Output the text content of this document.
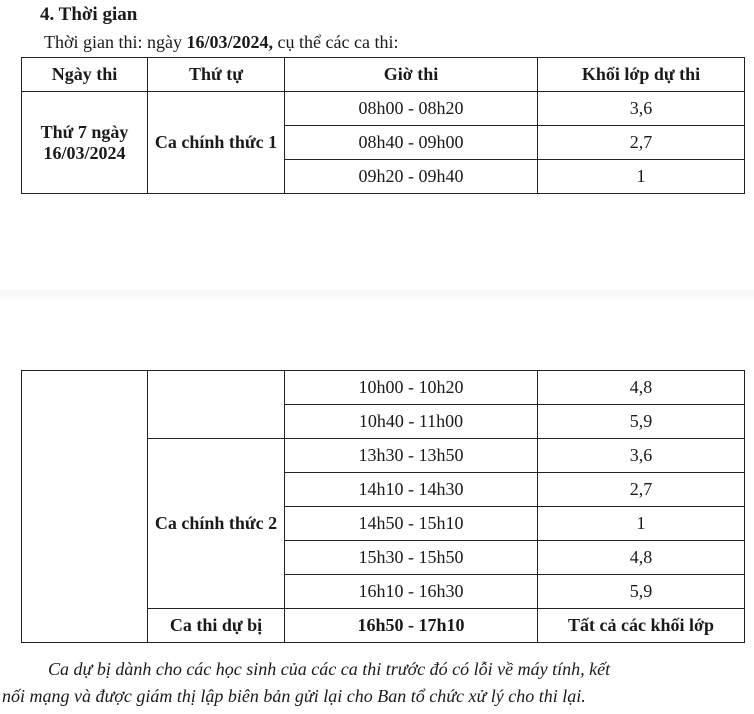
4. Thời gian
Thời gian thi: ngày 16/03/2024, cụ thể các ca thi:
Ngày thi	Thứ tự	Giờ thi	Khối lớp dự thi
Thứ 7 ngày 16/03/2024	Ca chính thức 1	08h00 - 08h20	3,6
		08h40 - 09h00	2,7
		09h20 - 09h40	1
		10h00 - 10h20	4,8
		10h40 - 11h00	5,9
	Ca chính thức 2	13h30 - 13h50	3,6
		14h10 - 14h30	2,7
		14h50 - 15h10	1
		15h30 - 15h50	4,8
		16h10 - 16h30	5,9
	Ca thi dự bị	16h50 - 17h10	Tất cả các khối lớp
Ca dự bị dành cho các học sinh của các ca thi trước đó có lỗi về máy tính, kết
nối mạng và được giám thị lập biên bản gửi lại cho Ban tổ chức xử lý cho thi lại.
